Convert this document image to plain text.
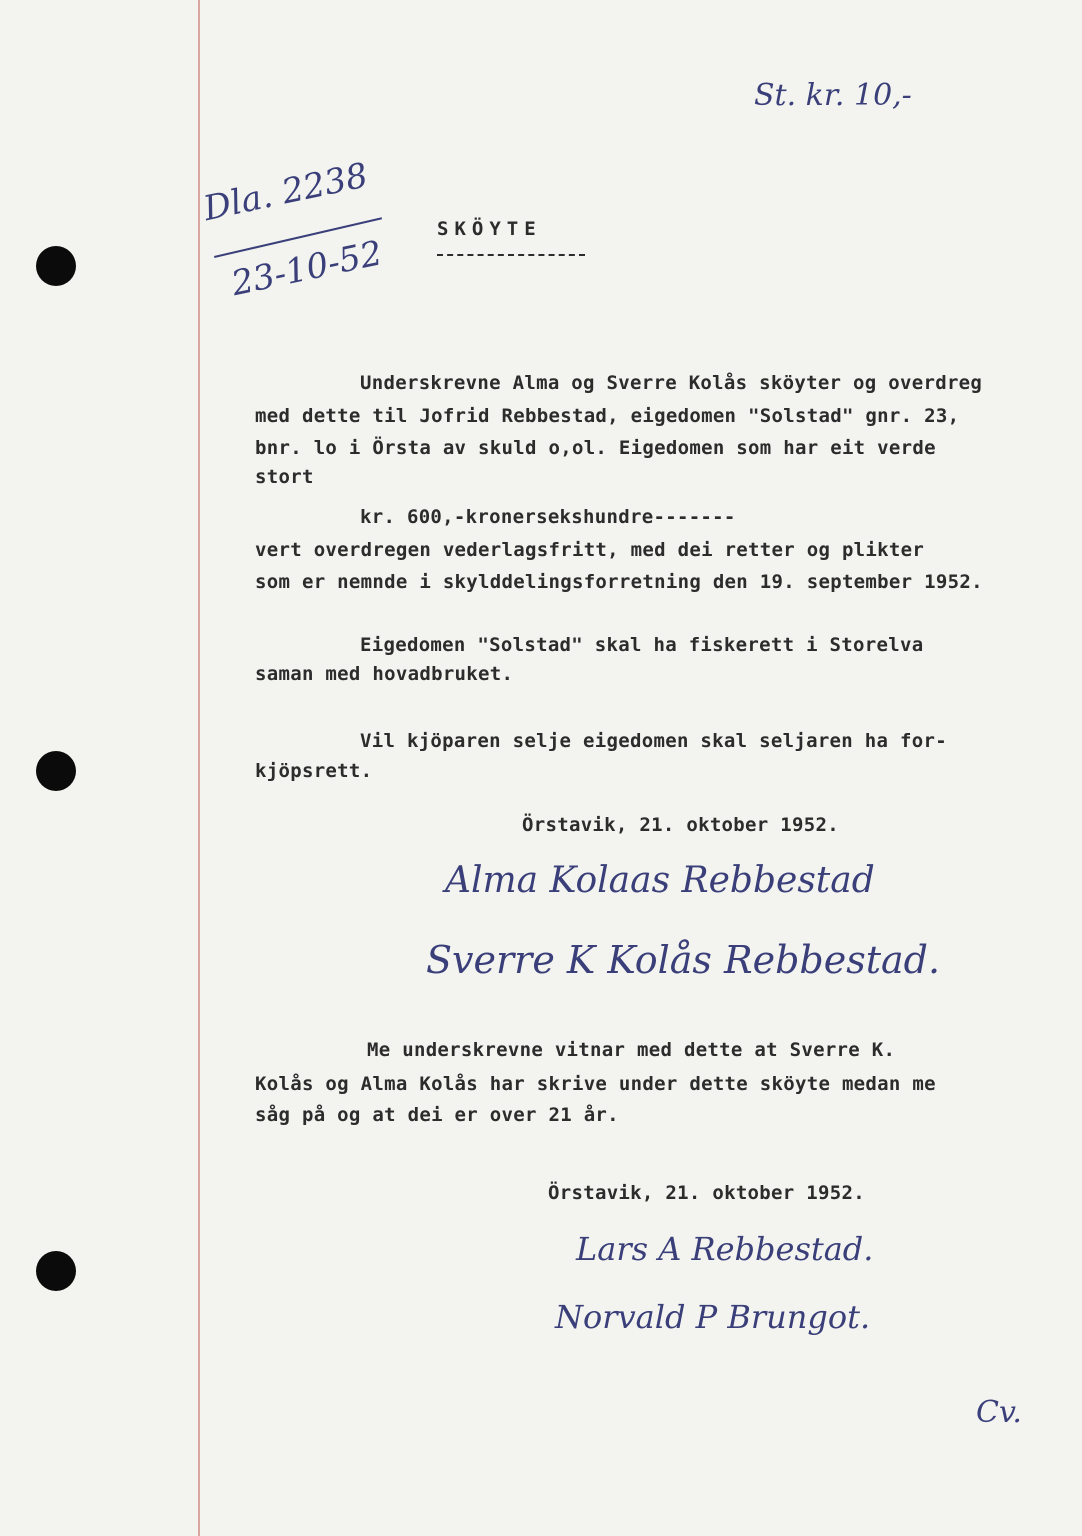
St. kr. 10,-
Dla. 2238
23-10-52
SKÖYTE
Underskrevne Alma og Sverre Kolås sköyter og overdreg
med dette til Jofrid Rebbestad, eigedomen "Solstad" gnr. 23,
bnr. lo i Örsta av skuld o,ol. Eigedomen som har eit verde
stort
kr. 600,-kronersekshundre-------
vert overdregen vederlagsfritt, med dei retter og plikter
som er nemnde i skylddelingsforretning den 19. september 1952.
Eigedomen "Solstad" skal ha fiskerett i Storelva
saman med hovadbruket.
Vil kjöparen selje eigedomen skal seljaren ha for-
kjöpsrett.
Örstavik, 21. oktober 1952.
Alma Kolaas Rebbestad
Sverre K Kolås Rebbestad.
Me underskrevne vitnar med dette at Sverre K.
Kolås og Alma Kolås har skrive under dette sköyte medan me
såg på og at dei er over 21 år.
Örstavik, 21. oktober 1952.
Lars A Rebbestad.
Norvald P Brungot.
Cv.
